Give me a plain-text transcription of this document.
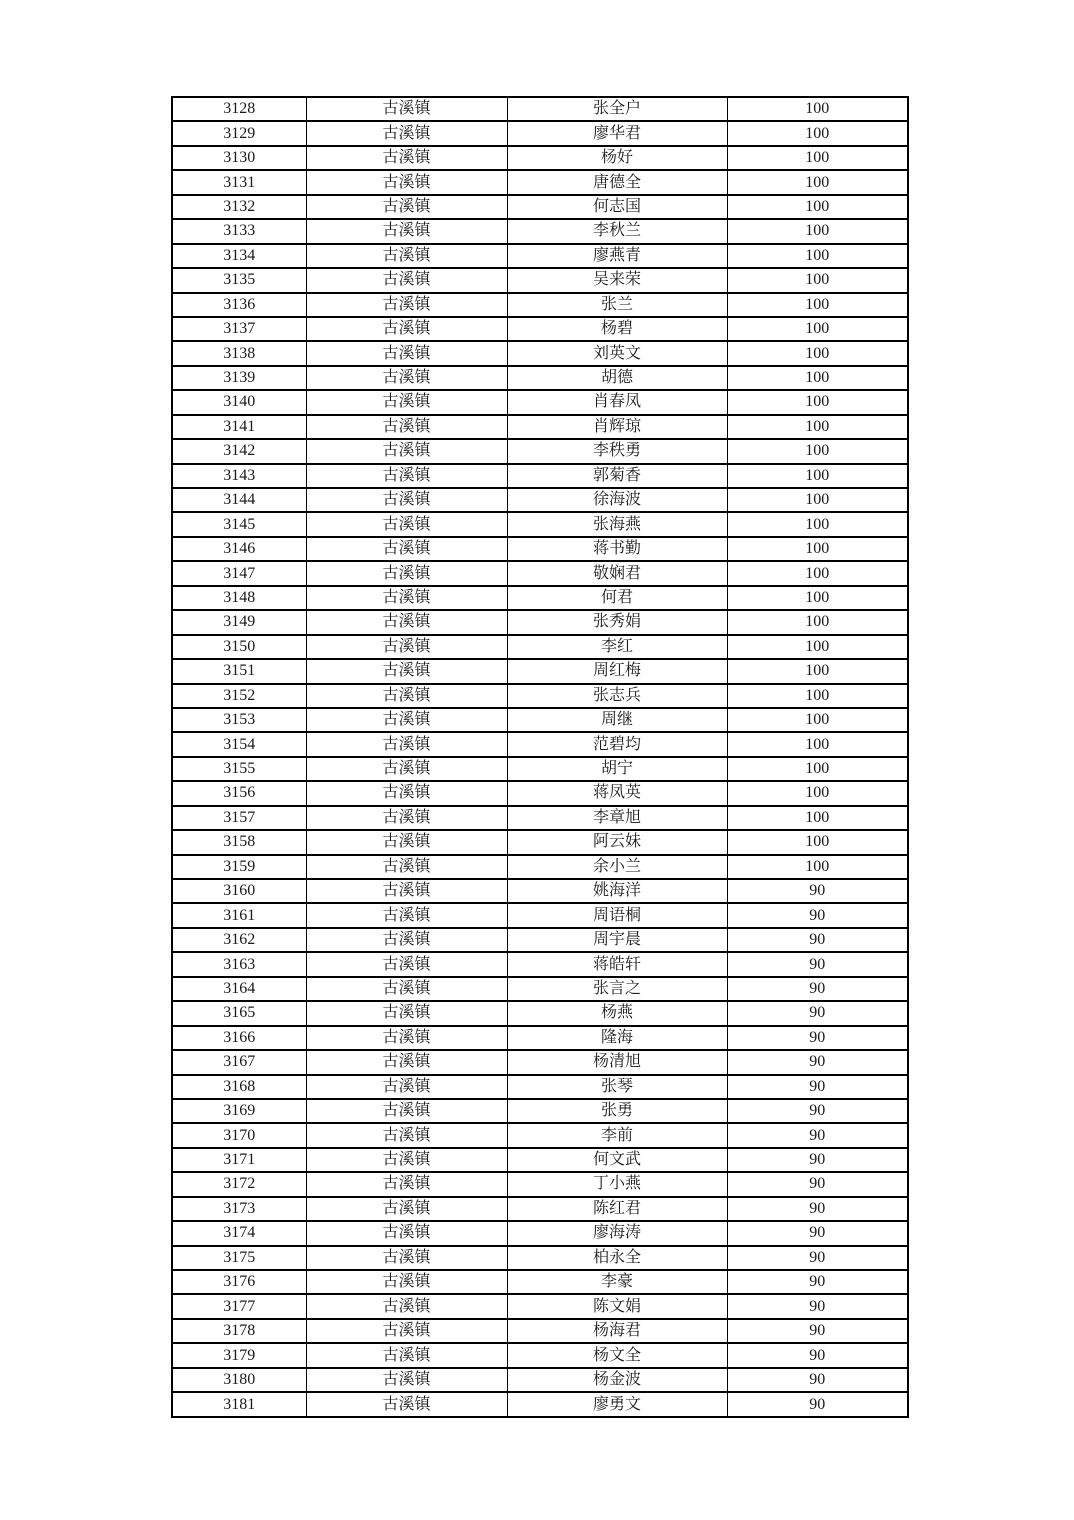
3128	古溪镇	张全户	100
3129	古溪镇	廖华君	100
3130	古溪镇	杨好	100
3131	古溪镇	唐德全	100
3132	古溪镇	何志国	100
3133	古溪镇	李秋兰	100
3134	古溪镇	廖燕青	100
3135	古溪镇	吴来荣	100
3136	古溪镇	张兰	100
3137	古溪镇	杨碧	100
3138	古溪镇	刘英文	100
3139	古溪镇	胡德	100
3140	古溪镇	肖春凤	100
3141	古溪镇	肖辉琼	100
3142	古溪镇	李秩勇	100
3143	古溪镇	郭菊香	100
3144	古溪镇	徐海波	100
3145	古溪镇	张海燕	100
3146	古溪镇	蒋书勤	100
3147	古溪镇	敬娴君	100
3148	古溪镇	何君	100
3149	古溪镇	张秀娟	100
3150	古溪镇	李红	100
3151	古溪镇	周红梅	100
3152	古溪镇	张志兵	100
3153	古溪镇	周继	100
3154	古溪镇	范碧均	100
3155	古溪镇	胡宁	100
3156	古溪镇	蒋凤英	100
3157	古溪镇	李章旭	100
3158	古溪镇	阿云妹	100
3159	古溪镇	余小兰	100
3160	古溪镇	姚海洋	90
3161	古溪镇	周语桐	90
3162	古溪镇	周宇晨	90
3163	古溪镇	蒋皓轩	90
3164	古溪镇	张言之	90
3165	古溪镇	杨燕	90
3166	古溪镇	隆海	90
3167	古溪镇	杨清旭	90
3168	古溪镇	张琴	90
3169	古溪镇	张勇	90
3170	古溪镇	李前	90
3171	古溪镇	何文武	90
3172	古溪镇	丁小燕	90
3173	古溪镇	陈红君	90
3174	古溪镇	廖海涛	90
3175	古溪镇	柏永全	90
3176	古溪镇	李豪	90
3177	古溪镇	陈文娟	90
3178	古溪镇	杨海君	90
3179	古溪镇	杨文全	90
3180	古溪镇	杨金波	90
3181	古溪镇	廖勇文	90
